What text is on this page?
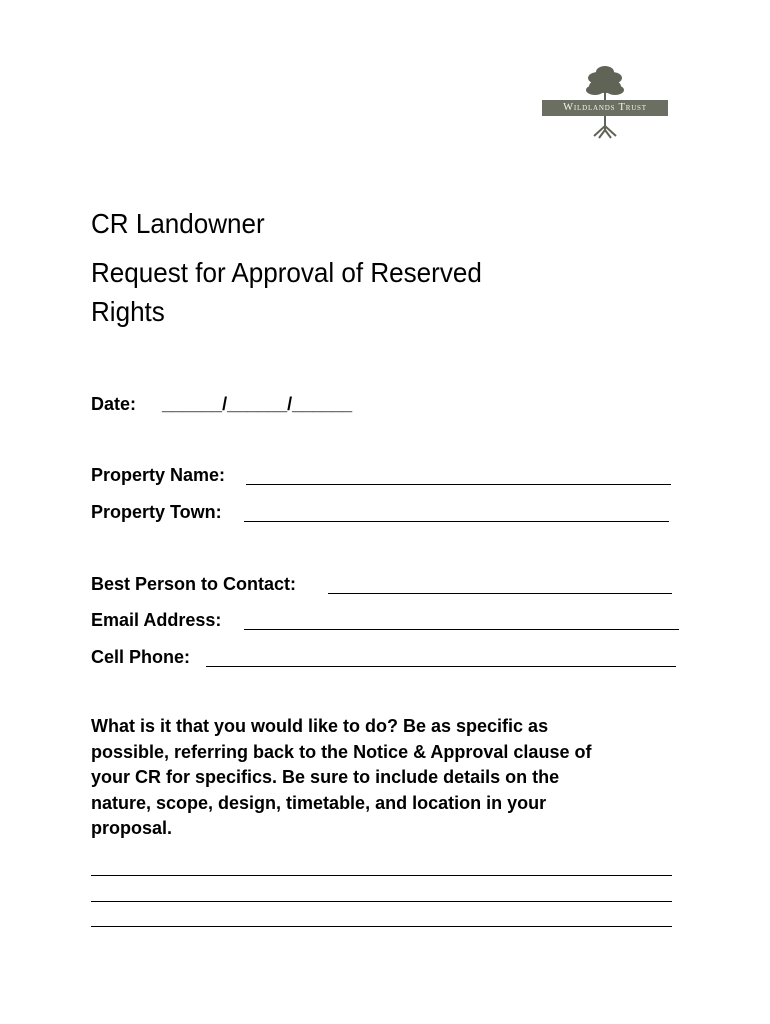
Wildlands Trust
CR Landowner
Request for Approval of Reserved
Rights
Date: ______/______/______
Property Name:
Property Town:
Best Person to Contact:
Email Address:
Cell Phone:
What is it that you would like to do? Be as specific as
possible, referring back to the Notice & Approval clause of
your CR for specifics. Be sure to include details on the
nature, scope, design, timetable, and location in your
proposal.
